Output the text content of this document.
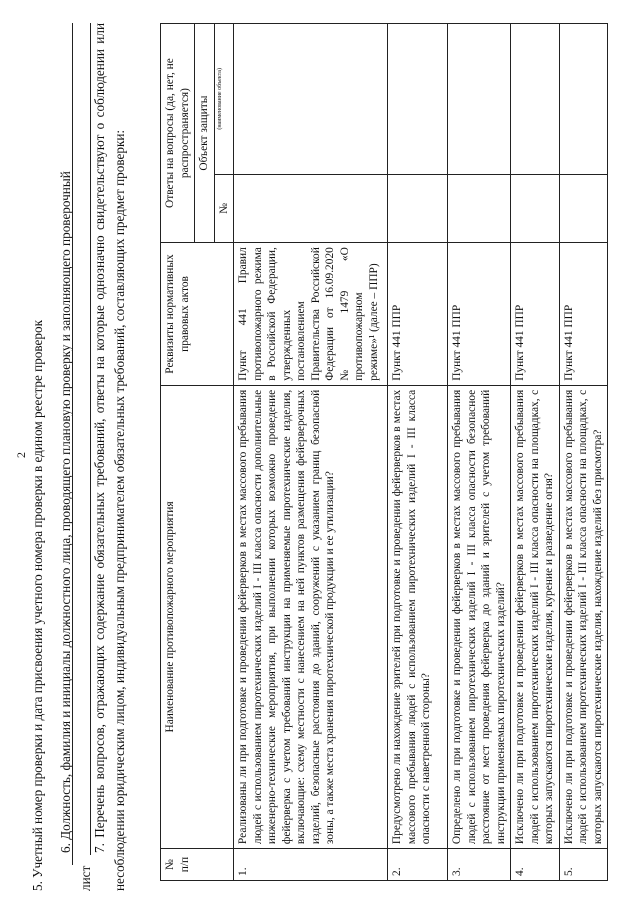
2 5. Учетный номер проверки и дата присвоения учетного номера проверки в едином реестре проверок 6. Должность, фамилия и инициалы должностного лица, проводящего плановую проверку и заполняющего проверочный
лист
7. Перечень вопросов, отражающих содержание обязательных требований, ответы на которые однозначно свидетельствуют о соблюдении или несоблюдении юридическим лицом, индивидуальным предпринимателем обязательных требований, составляющих предмет проверки:	№ п/п	Наименование противопожарного мероприятия	Реквизиты нормативных правовых актов	Ответы на вопросы (да, нет, не распространяется)	
			Объект защиты	
			№	(наименование объекта)
1.	Реализованы ли при подготовке и проведении фейерверков в местах массового пребывания людей с использованием пиротехнических изделий I - III класса опасности дополнительные инженерно-технические мероприятия, при выполнении которых возможно проведение фейерверка с учетом требований инструкции на применяемые пиротехнические изделия, включающие: схему местности с нанесением на ней пунктов размещения фейерверочных изделий, безопасные расстояния до зданий, сооружений с указанием границ безопасной зоны, а также места хранения пиротехнической продукции и ее утилизации?	Пункт 441 Правил противопожарного режима в Российской Федерации, утвержденных постановлением Правительства Российской Федерации от 16.09.2020 № 1479 «О противопожарном режиме»¹ (далее – ППР)		
2.	Предусмотрено ли нахождение зрителей при подготовке и проведении фейерверков в местах массового пребывания людей с использованием пиротехнических изделий I - III класса опасности с наветренной стороны?	Пункт 441 ППР		
3.	Определено ли при подготовке и проведении фейерверков в местах массового пребывания людей с использованием пиротехнических изделий I - III класса опасности безопасное расстояние от мест проведения фейерверка до зданий и зрителей с учетом требований инструкции применяемых пиротехнических изделий?	Пункт 441 ППР		
4.	Исключено ли при подготовке и проведении фейерверков в местах массового пребывания людей с использованием пиротехнических изделий I - III класса опасности на площадках, с которых запускаются пиротехнические изделия, курение и разведение огня?	Пункт 441 ППР		
5.	Исключено ли при подготовке и проведении фейерверков в местах массового пребывания людей с использованием пиротехнических изделий I - III класса опасности на площадках, с которых запускаются пиротехнические изделия, нахождение изделий без присмотра?	Пункт 441 ППР		
